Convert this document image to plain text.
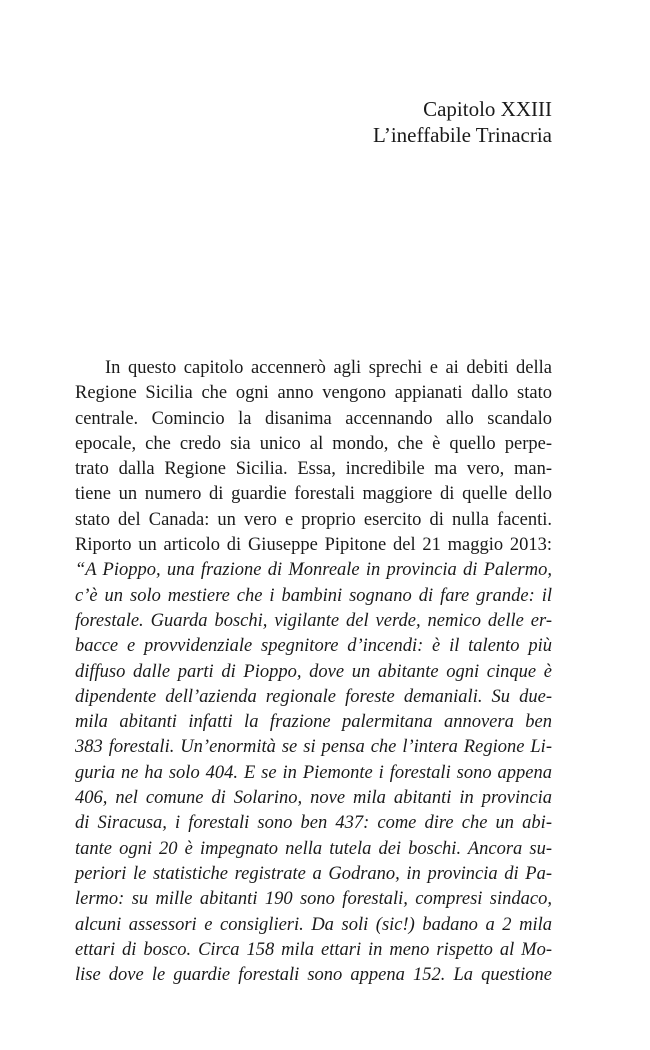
Capitolo XXIII
L’ineffabile Trinacria
In questo capitolo accennerò agli sprechi e ai debiti della
Regione Sicilia che ogni anno vengono appianati dallo stato
centrale. Comincio la disanima accennando allo scandalo
epocale, che credo sia unico al mondo, che è quello perpe-
trato dalla Regione Sicilia. Essa, incredibile ma vero, man-
tiene un numero di guardie forestali maggiore di quelle dello
stato del Canada: un vero e proprio esercito di nulla facenti.
Riporto un articolo di Giuseppe Pipitone del 21 maggio 2013:
“A Pioppo, una frazione di Monreale in provincia di Palermo,
c’è un solo mestiere che i bambini sognano di fare grande: il
forestale. Guarda boschi, vigilante del verde, nemico delle er-
bacce e provvidenziale spegnitore d’incendi: è il talento più
diffuso dalle parti di Pioppo, dove un abitante ogni cinque è
dipendente dell’azienda regionale foreste demaniali. Su due-
mila abitanti infatti la frazione palermitana annovera ben
383 forestali. Un’enormità se si pensa che l’intera Regione Li-
guria ne ha solo 404. E se in Piemonte i forestali sono appena
406, nel comune di Solarino, nove mila abitanti in provincia
di Siracusa, i forestali sono ben 437: come dire che un abi-
tante ogni 20 è impegnato nella tutela dei boschi. Ancora su-
periori le statistiche registrate a Godrano, in provincia di Pa-
lermo: su mille abitanti 190 sono forestali, compresi sindaco,
alcuni assessori e consiglieri. Da soli (sic!) badano a 2 mila
ettari di bosco. Circa 158 mila ettari in meno rispetto al Mo-
lise dove le guardie forestali sono appena 152. La questione
